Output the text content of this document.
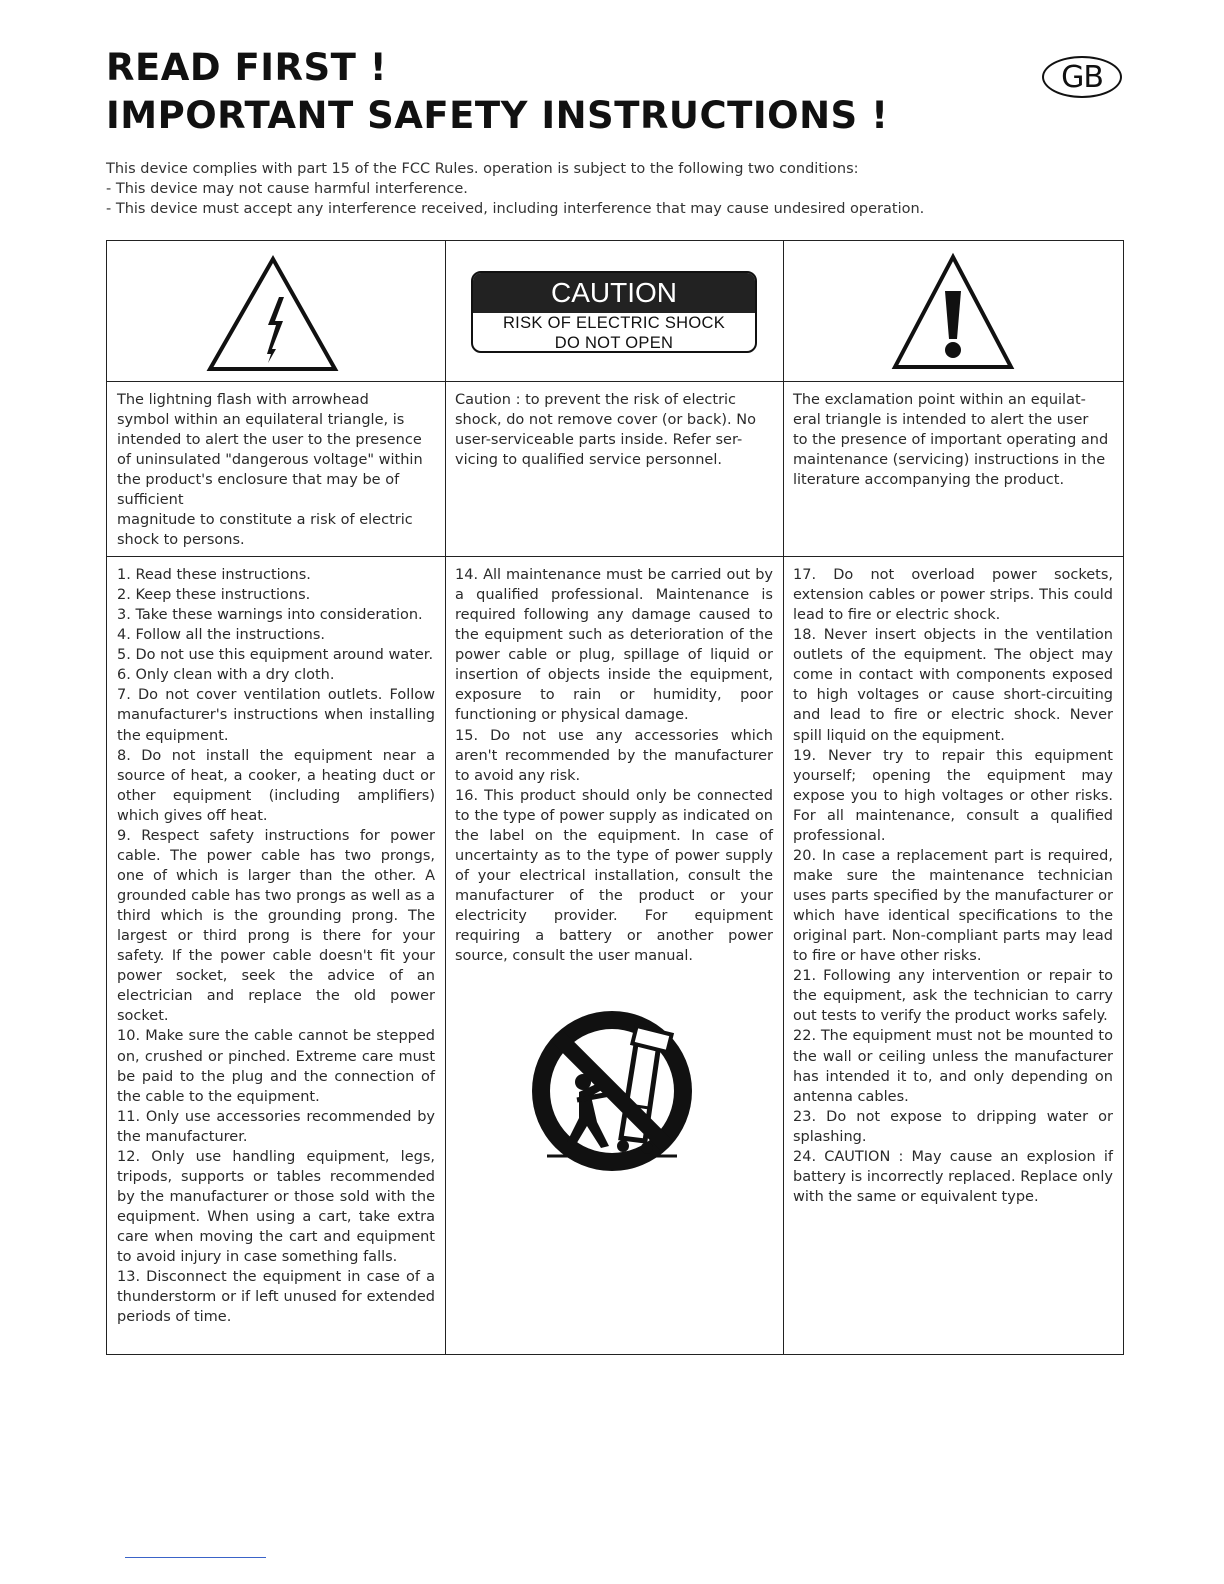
READ FIRST !
IMPORTANT SAFETY INSTRUCTIONS !
GB
This device complies with part 15 of the FCC Rules. operation is subject to the following two conditions:
- This device may not cause harmful interference.
- This device must accept any interference received, including interference that may cause undesired operation.
CAUTION
RISK OF ELECTRIC SHOCK
DO NOT OPEN
The lightning flash with arrowhead
symbol within an equilateral triangle, is
intended to alert the user to the presence
of uninsulated "dangerous voltage" within
the product's enclosure that may be of
sufficient
magnitude to constitute a risk of electric
shock to persons.
Caution : to prevent the risk of electric
shock, do not remove cover (or back). No
user-serviceable parts inside. Refer ser-
vicing to qualified service personnel.
The exclamation point within an equilat-
eral triangle is intended to alert the user
to the presence of important operating and
maintenance (servicing) instructions in the
literature accompanying the product.

1. Read these instructions.

2. Keep these instructions.

3. Take these warnings into consideration.

4. Follow all the instructions.

5. Do not use this equipment around water.

6. Only clean with a dry cloth.

7. Do not cover ventilation outlets. Follow manufacturer's instructions when installing the equipment.

8. Do not install the equipment near a source of heat, a cooker, a heating duct or other equipment (including amplifiers) which gives off heat.

9. Respect safety instructions for power cable. The power cable has two prongs, one of which is larger than the other. A grounded cable has two prongs as well as a third which is the grounding prong. The largest or third prong is there for your safety. If the power cable doesn't fit your power socket, seek the advice of an electrician and replace the old power socket.

10. Make sure the cable cannot be stepped on, crushed or pinched. Extreme care must be paid to the plug and the connection of the cable to the equipment.

11. Only use accessories recommended by the manufacturer.

12. Only use handling equipment, legs, tripods, supports or tables recommended by the manufacturer or those sold with the equipment. When using a cart, take extra care when moving the cart and equipment to avoid injury in case something falls.

13. Disconnect the equipment in case of a thunderstorm or if left unused for extended periods of time.

14. All maintenance must be carried out by a qualified professional. Maintenance is required following any damage caused to the equipment such as deterioration of the power cable or plug, spillage of liquid or insertion of objects inside the equipment, exposure to rain or humidity, poor functioning or physical damage.

15. Do not use any accessories which aren't recommended by the manufacturer to avoid any risk.

16. This product should only be connected to the type of power supply as indicated on the label on the equipment. In case of uncertainty as to the type of power supply of your electrical installation, consult the manufacturer of the product or your electricity provider. For equipment requiring a battery or another power source, consult the user manual.

17. Do not overload power sockets, extension cables or power strips. This could lead to fire or electric shock.

18. Never insert objects in the ventilation outlets of the equipment. The object may come in contact with components exposed to high voltages or cause short-circuiting and lead to fire or electric shock. Never spill liquid on the equipment.

19. Never try to repair this equipment yourself; opening the equipment may expose you to high voltages or other risks. For all maintenance, consult a qualified professional.

20. In case a replacement part is required, make sure the maintenance technician uses parts specified by the manufacturer or which have identical specifications to the original part. Non-compliant parts may lead to fire or have other risks.

21. Following any intervention or repair to the equipment, ask the technician to carry out tests to verify the product works safely.

22. The equipment must not be mounted to the wall or ceiling unless the manufacturer has intended it to, and only depending on antenna cables.

23. Do not expose to dripping water or splashing.

24. CAUTION : May cause an explosion if battery is incorrectly replaced. Replace only with the same or equivalent type.
